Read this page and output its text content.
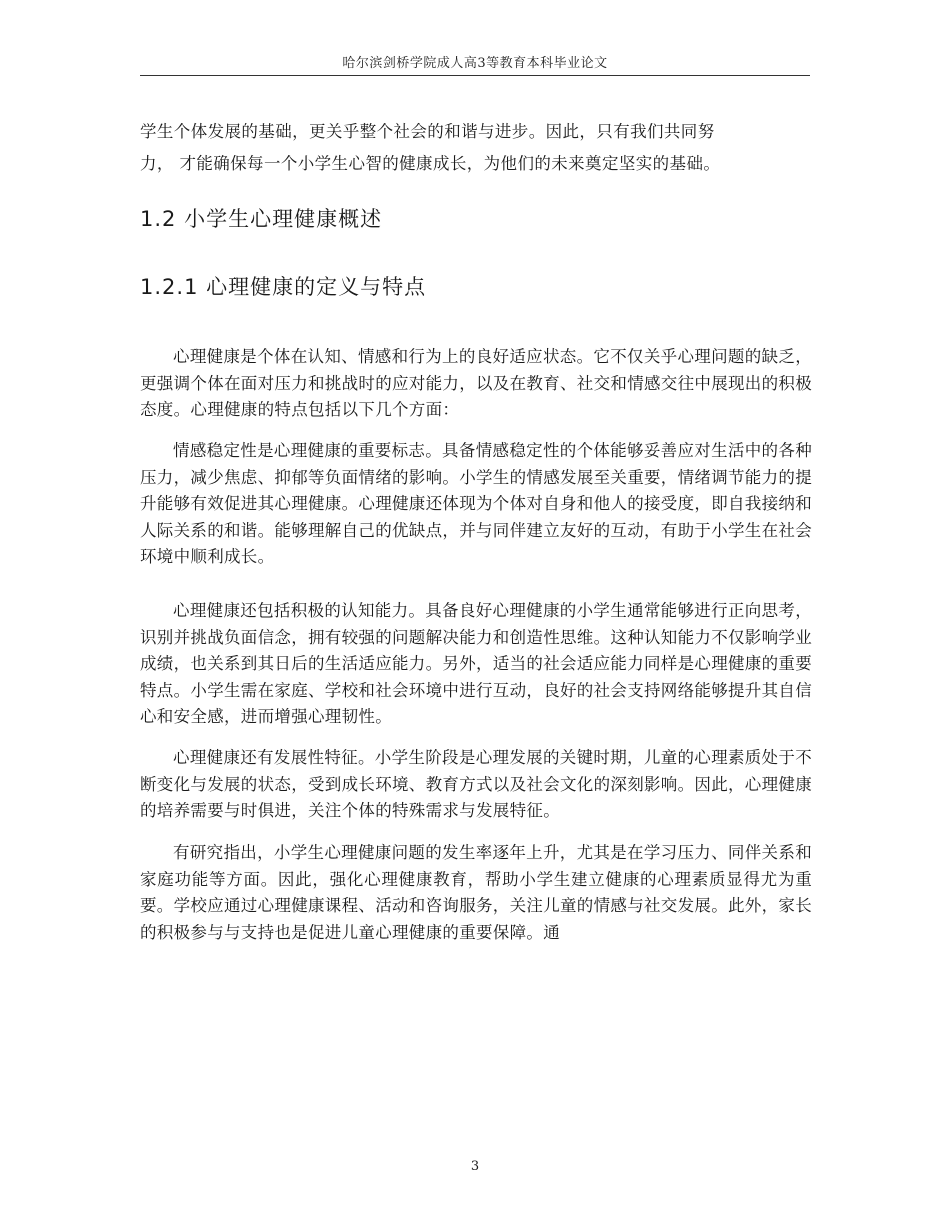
哈尔滨剑桥学院成人高3等教育本科毕业论文
学生个体发展的基础，更关乎整个社会的和谐与进步。因此，只有我们共同努
力， 才能确保每一个小学生心智的健康成长，为他们的未来奠定坚实的基础。
1.2 小学生心理健康概述
1.2.1 心理健康的定义与特点
心理健康是个体在认知、情感和行为上的良好适应状态。它不仅关乎心理问题的缺乏，更强调个体在面对压力和挑战时的应对能力，以及在教育、社交和情感交往中展现出的积极态度。心理健康的特点包括以下几个方面：
情感稳定性是心理健康的重要标志。具备情感稳定性的个体能够妥善应对生活中的各种压力，减少焦虑、抑郁等负面情绪的影响。小学生的情感发展至关重要，情绪调节能力的提升能够有效促进其心理健康。心理健康还体现为个体对自身和他人的接受度，即自我接纳和人际关系的和谐。能够理解自己的优缺点，并与同伴建立友好的互动，有助于小学生在社会环境中顺利成长。
心理健康还包括积极的认知能力。具备良好心理健康的小学生通常能够进行正向思考，识别并挑战负面信念，拥有较强的问题解决能力和创造性思维。这种认知能力不仅影响学业成绩，也关系到其日后的生活适应能力。另外，适当的社会适应能力同样是心理健康的重要特点。小学生需在家庭、学校和社会环境中进行互动，良好的社会支持网络能够提升其自信心和安全感，进而增强心理韧性。
心理健康还有发展性特征。小学生阶段是心理发展的关键时期，儿童的心理素质处于不断变化与发展的状态，受到成长环境、教育方式以及社会文化的深刻影响。因此，心理健康的培养需要与时俱进，关注个体的特殊需求与发展特征。
有研究指出，小学生心理健康问题的发生率逐年上升，尤其是在学习压力、同伴关系和家庭功能等方面。因此，强化心理健康教育，帮助小学生建立健康的心理素质显得尤为重要。学校应通过心理健康课程、活动和咨询服务，关注儿童的情感与社交发展。此外，家长的积极参与与支持也是促进儿童心理健康的重要保障。通
3
